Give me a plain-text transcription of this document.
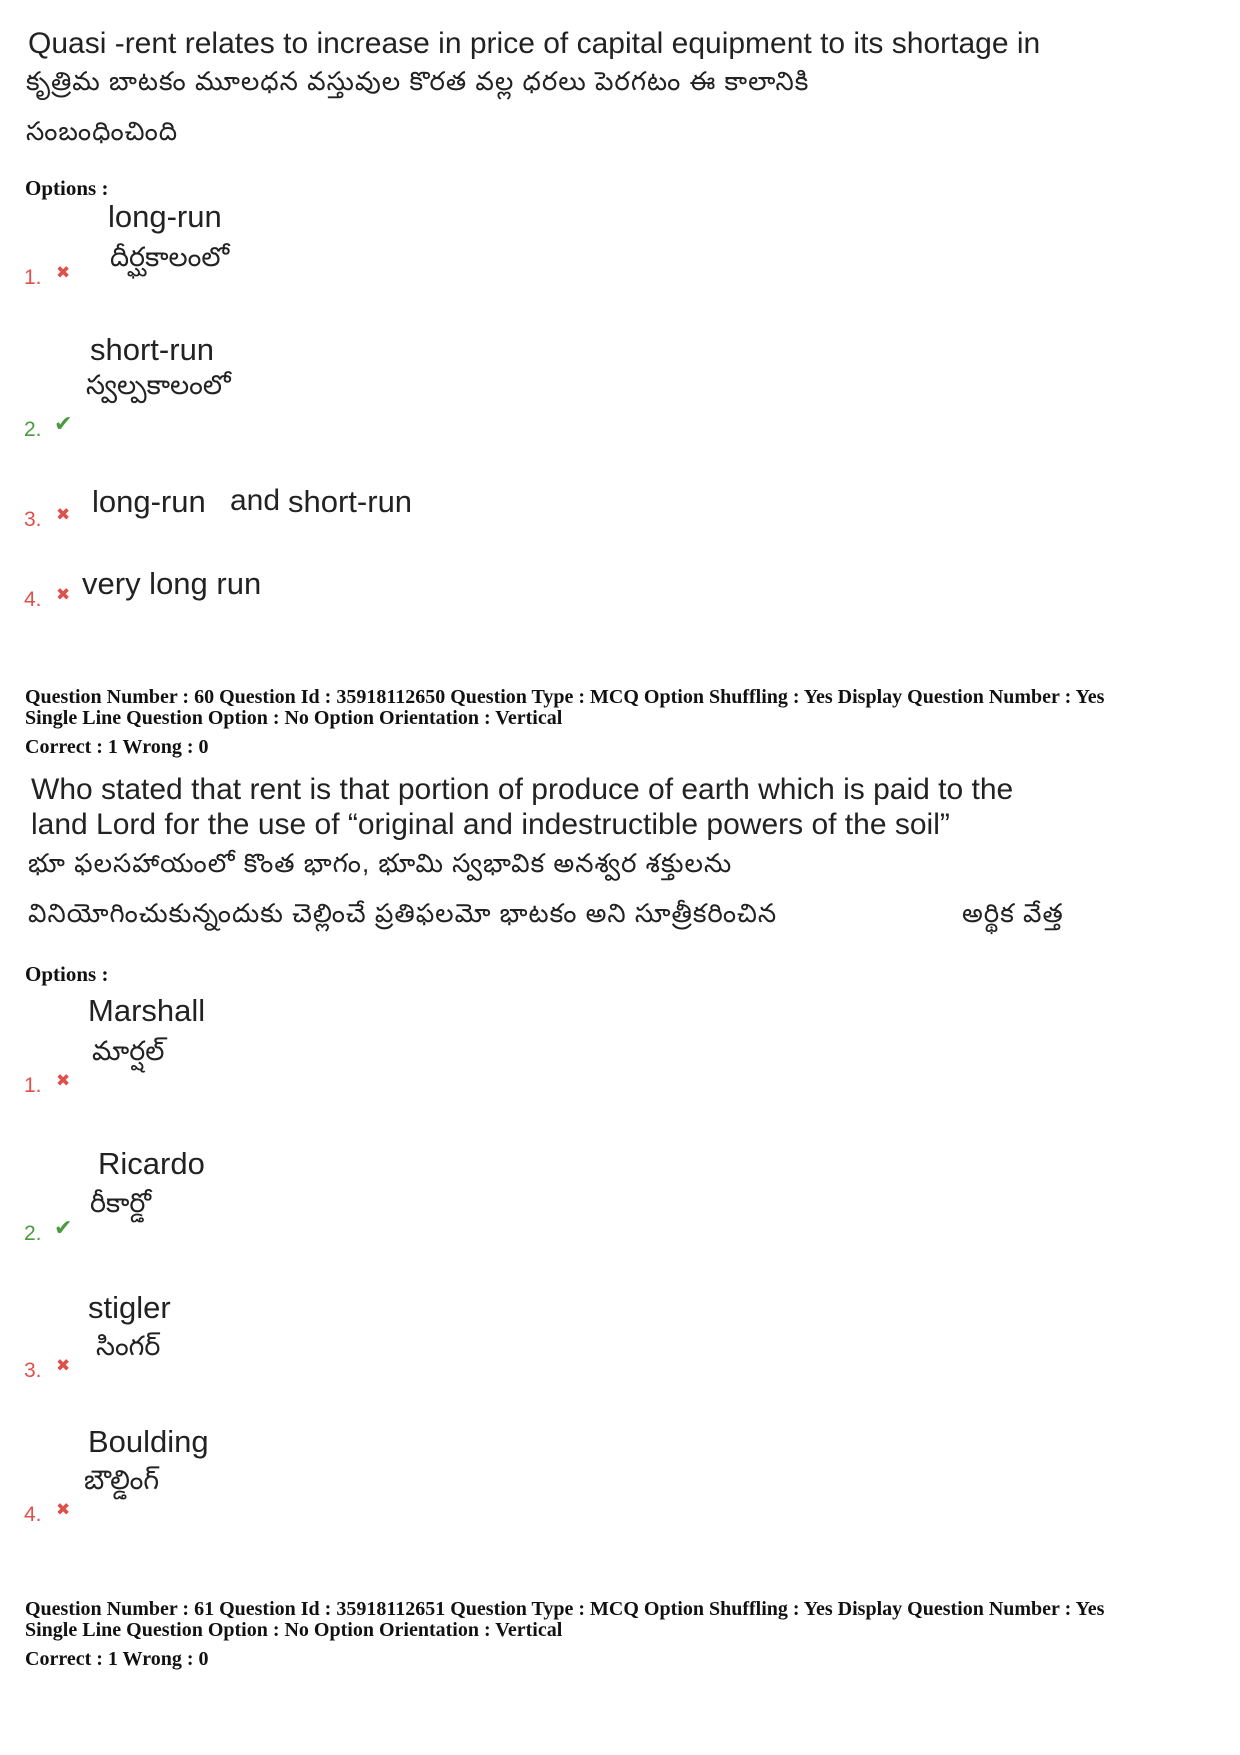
Quasi -rent relates to increase in price of capital equipment to its shortage in
కృత్రిమ బాటకం మూలధన వస్తువుల కొరత వల్ల ధరలు పెరగటం ఈ కాలానికి
సంబంధించింది
Options :
long-run
దీర్ఘకాలంలో
1. ✖
short-run
స్వల్పకాలంలో
2. ✔
long-run and short-run
3. ✖
very long run
4. ✖
Question Number : 60 Question Id : 35918112650 Question Type : MCQ Option Shuffling : Yes Display Question Number : Yes
Single Line Question Option : No Option Orientation : Vertical
Correct : 1 Wrong : 0
Who stated that rent is that portion of produce of earth which is paid to the
land Lord for the use of “original and indestructible powers of the soil”
భూ ఫలసహాయంలో కొంత భాగం, భూమి స్వభావిక అనశ్వర శక్తులను
వినియోగించుకున్నందుకు చెల్లించే ప్రతిఫలమో భాటకం అని సూత్రీకరించిన	అర్థిక వేత్త
Options :
Marshall
మార్షల్
1. ✖
Ricardo
రీకార్డో
2. ✔
stigler
సింగర్
3. ✖
Boulding
బౌల్డింగ్
4. ✖
Question Number : 61 Question Id : 35918112651 Question Type : MCQ Option Shuffling : Yes Display Question Number : Yes
Single Line Question Option : No Option Orientation : Vertical
Correct : 1 Wrong : 0
